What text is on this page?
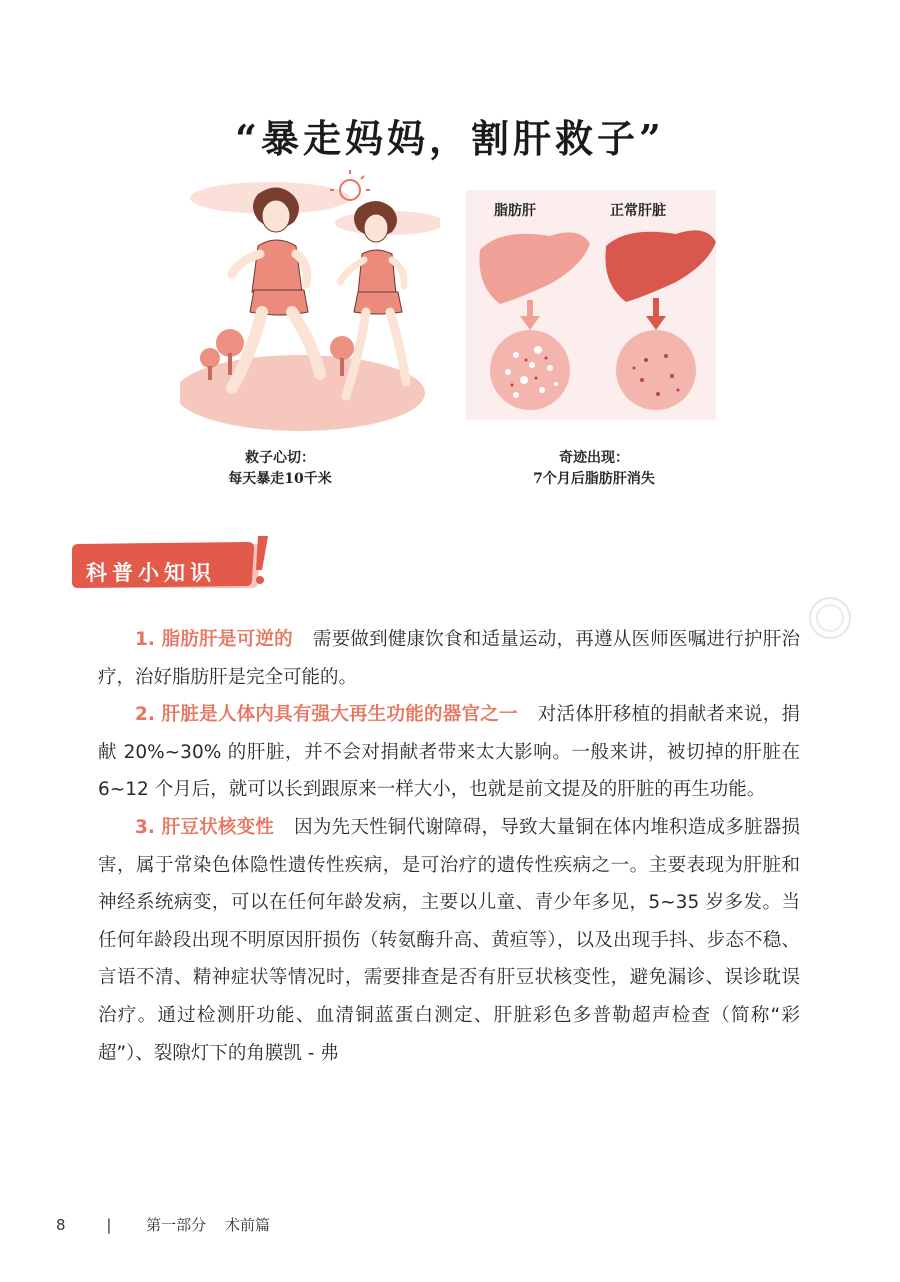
“暴走妈妈，割肝救子”
脂肪肝	正常肝脏
救子心切：
每天暴走10千米
奇迹出现：
7个月后脂肪肝消失
科普小知识

1. 脂肪肝是可逆的 需要做到健康饮食和适量运动，再遵从医师医嘱进行护肝治疗，治好脂肪肝是完全可能的。

2. 肝脏是人体内具有强大再生功能的器官之一 对活体肝移植的捐献者来说，捐献 20%~30% 的肝脏，并不会对捐献者带来太大影响。一般来讲，被切掉的肝脏在 6~12 个月后，就可以长到跟原来一样大小，也就是前文提及的肝脏的再生功能。

3. 肝豆状核变性 因为先天性铜代谢障碍，导致大量铜在体内堆积造成多脏器损害，属于常染色体隐性遗传性疾病，是可治疗的遗传性疾病之一。主要表现为肝脏和神经系统病变，可以在任何年龄发病，主要以儿童、青少年多见，5~35 岁多发。当任何年龄段出现不明原因肝损伤（转氨酶升高、黄疸等），以及出现手抖、步态不稳、言语不清、精神症状等情况时，需要排查是否有肝豆状核变性，避免漏诊、误诊耽误治疗。通过检测肝功能、血清铜蓝蛋白测定、肝脏彩色多普勒超声检查（简称“彩超”）、裂隙灯下的角膜凯 - 弗

8	| 第一部分 术前篇
